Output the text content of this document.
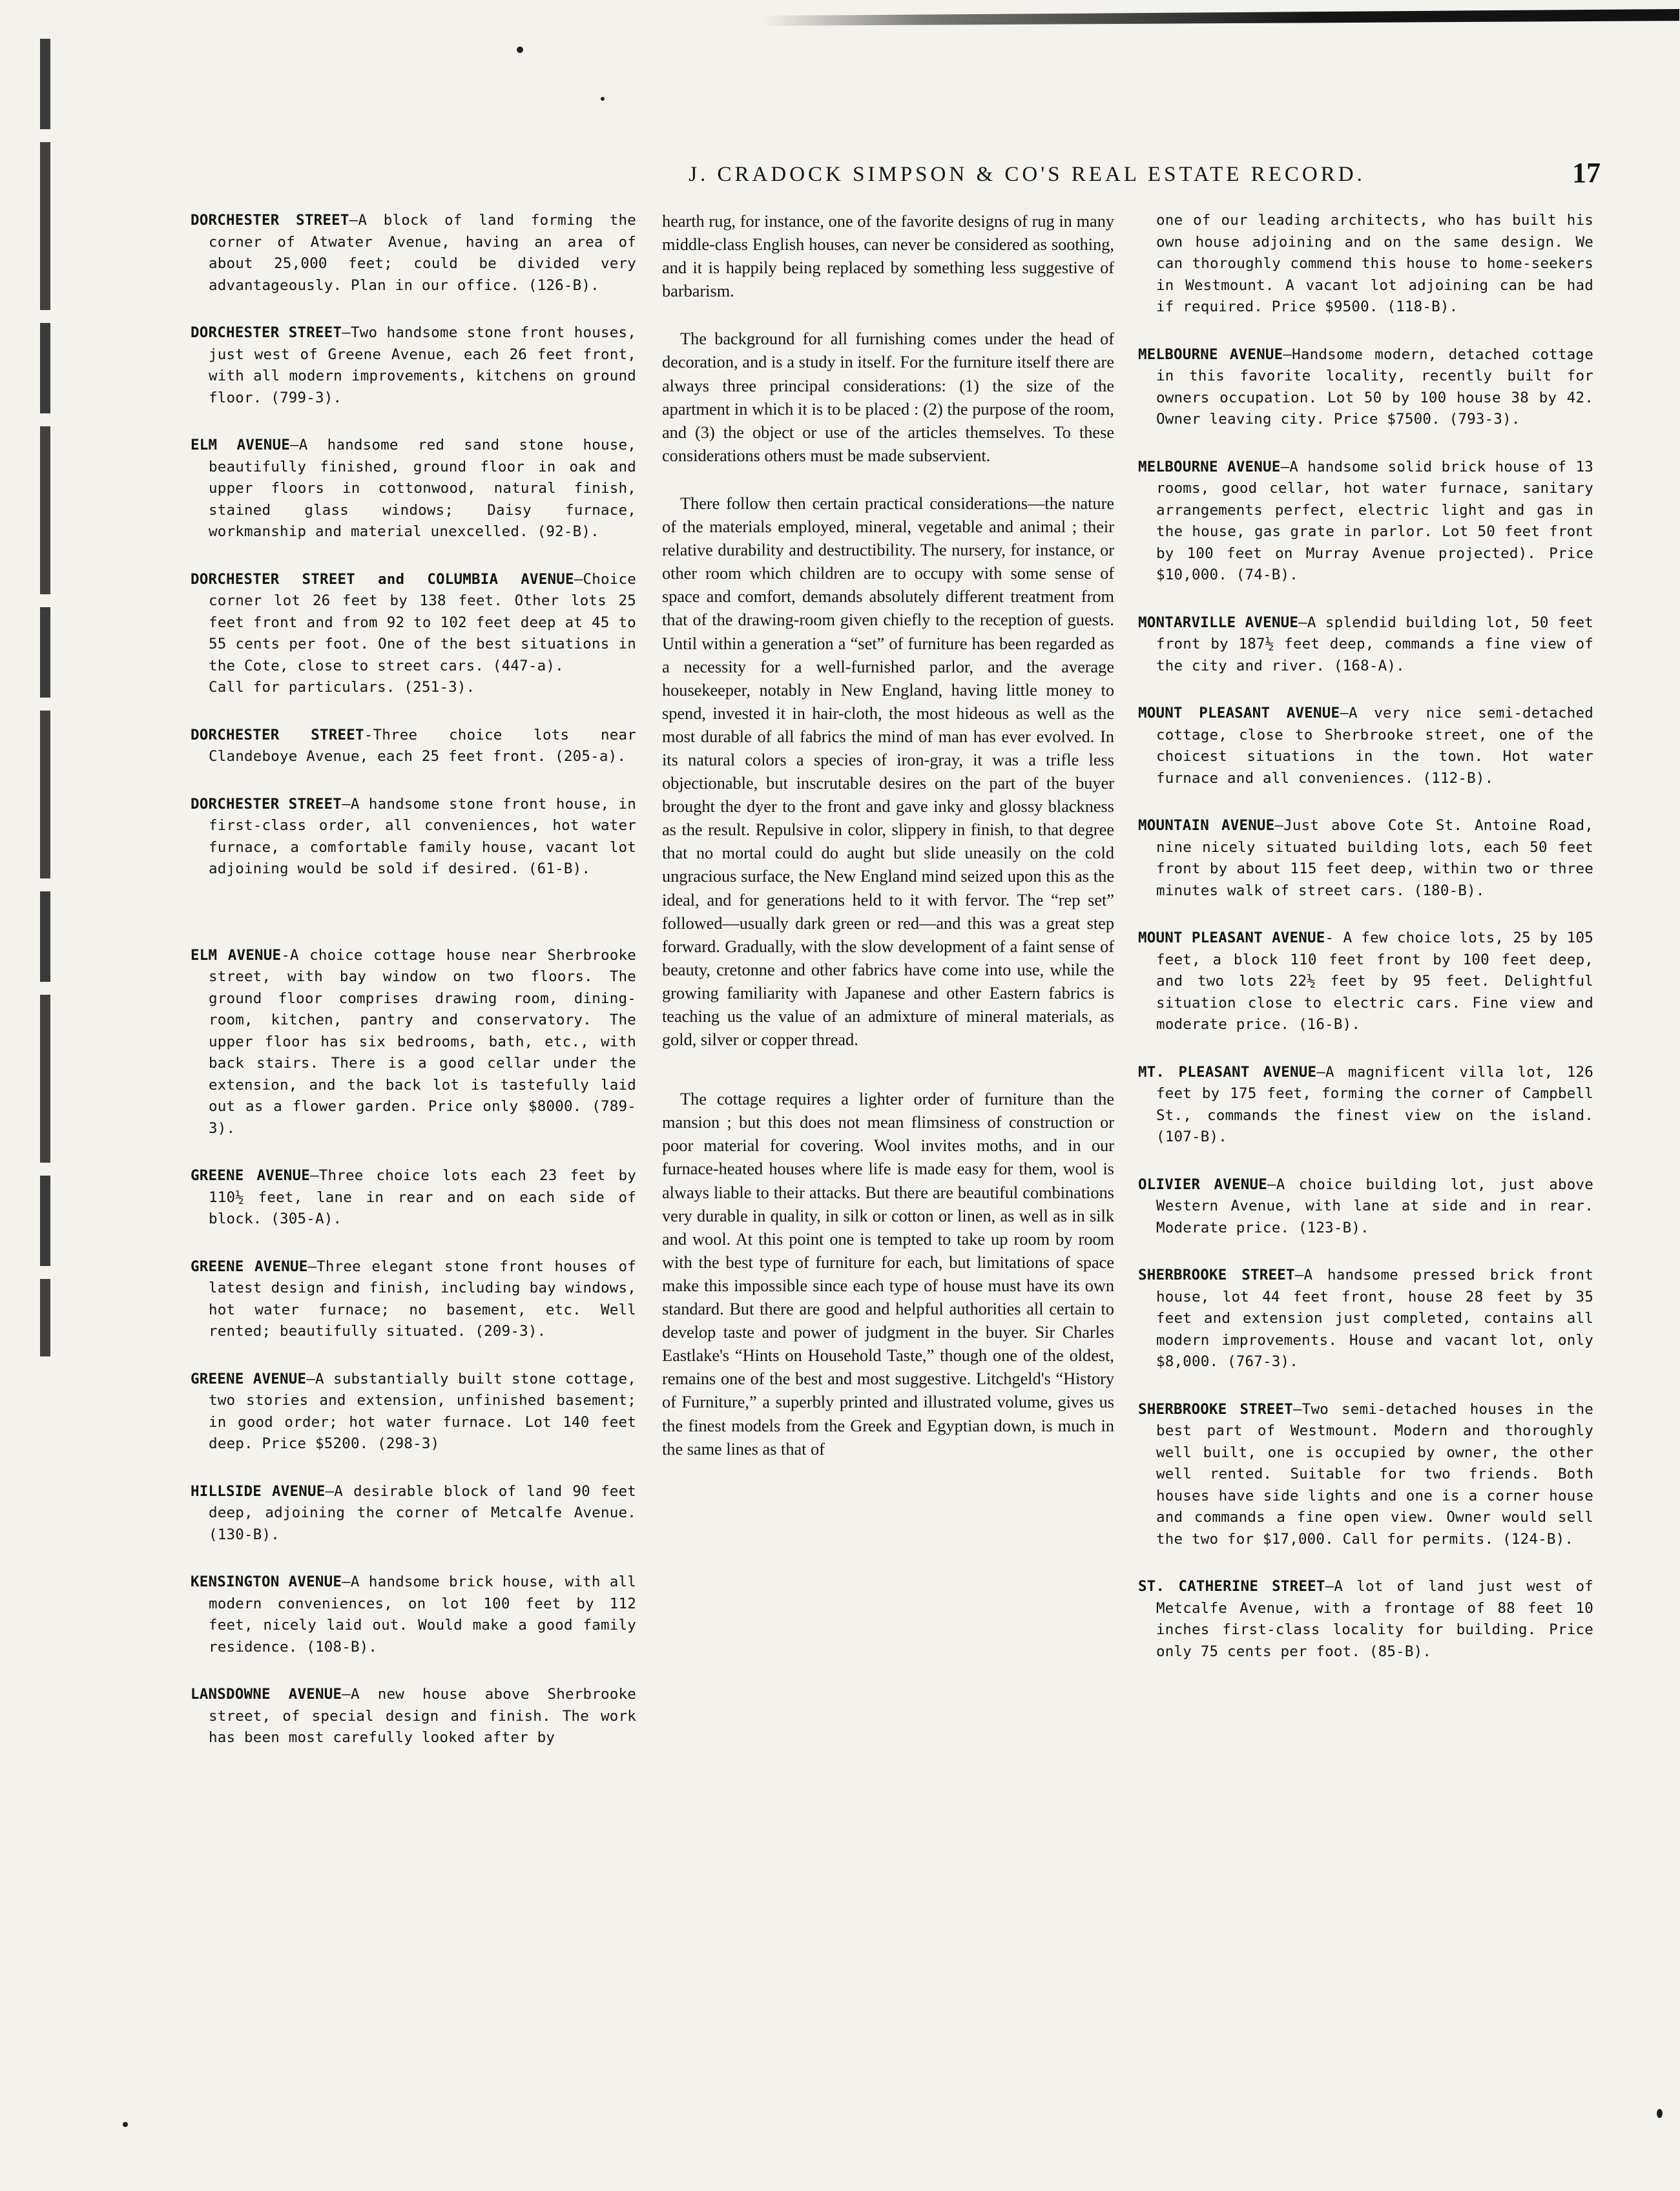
J. CRADOCK SIMPSON & CO'S REAL ESTATE RECORD.	17

DORCHESTER STREET—A block of land forming the corner of Atwater Avenue, having an area of about 25,000 feet; could be divided very advantageously. Plan in our office. (126-B).

DORCHESTER STREET—Two handsome stone front houses, just west of Greene Avenue, each 26 feet front, with all modern improvements, kitchens on ground floor. (799-3).

ELM AVENUE—A handsome red sand stone house, beautifully finished, ground floor in oak and upper floors in cottonwood, natural finish, stained glass windows; Daisy furnace, workmanship and material unexcelled. (92-B).

DORCHESTER STREET and COLUMBIA AVENUE—Choice corner lot 26 feet by 138 feet. Other lots 25 feet front and from 92 to 102 feet deep at 45 to 55 cents per foot. One of the best situations in the Cote, close to street cars. (447-a).
Call for particulars. (251-3).

DORCHESTER STREET-Three choice lots near Clandeboye Avenue, each 25 feet front. (205-a).

DORCHESTER STREET—A handsome stone front house, in first-class order, all conveniences, hot water furnace, a comfortable family house, vacant lot adjoining would be sold if desired. (61-B).

ELM AVENUE-A choice cottage house near Sherbrooke street, with bay window on two floors. The ground floor comprises drawing room, dining-room, kitchen, pantry and conservatory. The upper floor has six bedrooms, bath, etc., with back stairs. There is a good cellar under the extension, and the back lot is tastefully laid out as a flower garden. Price only $8000. (789-3).

GREENE AVENUE—Three choice lots each 23 feet by 110½ feet, lane in rear and on each side of block. (305-A).

GREENE AVENUE—Three elegant stone front houses of latest design and finish, including bay windows, hot water furnace; no basement, etc. Well rented; beautifully situated. (209-3).

GREENE AVENUE—A substantially built stone cottage, two stories and extension, unfinished basement; in good order; hot water furnace. Lot 140 feet deep. Price $5200. (298-3)

HILLSIDE AVENUE—A desirable block of land 90 feet deep, adjoining the corner of Metcalfe Avenue. (130-B).

KENSINGTON AVENUE—A handsome brick house, with all modern conveniences, on lot 100 feet by 112 feet, nicely laid out. Would make a good family residence. (108-B).

LANSDOWNE AVENUE—A new house above Sherbrooke street, of special design and finish. The work has been most carefully looked after by

hearth rug, for instance, one of the favorite designs of rug in many middle-class English houses, can never be considered as soothing, and it is happily being replaced by something less suggestive of barbarism.

The background for all furnishing comes under the head of decoration, and is a study in itself. For the furniture itself there are always three principal considerations: (1) the size of the apartment in which it is to be placed : (2) the purpose of the room, and (3) the object or use of the articles themselves. To these considerations others must be made subservient.

There follow then certain practical considerations—the nature of the materials employed, mineral, vegetable and animal ; their relative durability and destructibility. The nursery, for instance, or other room which children are to occupy with some sense of space and comfort, demands absolutely different treatment from that of the drawing-room given chiefly to the reception of guests. Until within a generation a “set” of furniture has been regarded as a necessity for a well-furnished parlor, and the average housekeeper, notably in New England, having little money to spend, invested it in hair-cloth, the most hideous as well as the most durable of all fabrics the mind of man has ever evolved. In its natural colors a species of iron-gray, it was a trifle less objectionable, but inscrutable desires on the part of the buyer brought the dyer to the front and gave inky and glossy blackness as the result. Repulsive in color, slippery in finish, to that degree that no mortal could do aught but slide uneasily on the cold ungracious surface, the New England mind seized upon this as the ideal, and for generations held to it with fervor. The “rep set” followed—usually dark green or red—and this was a great step forward. Gradually, with the slow development of a faint sense of beauty, cretonne and other fabrics have come into use, while the growing familiarity with Japanese and other Eastern fabrics is teaching us the value of an admixture of mineral materials, as gold, silver or copper thread.

The cottage requires a lighter order of furniture than the mansion ; but this does not mean flimsiness of construction or poor material for covering. Wool invites moths, and in our furnace-heated houses where life is made easy for them, wool is always liable to their attacks. But there are beautiful combinations very durable in quality, in silk or cotton or linen, as well as in silk and wool. At this point one is tempted to take up room by room with the best type of furniture for each, but limitations of space make this impossible since each type of house must have its own standard. But there are good and helpful authorities all certain to develop taste and power of judgment in the buyer. Sir Charles Eastlake's “Hints on Household Taste,” though one of the oldest, remains one of the best and most suggestive. Litchgeld's “History of Furniture,” a superbly printed and illustrated volume, gives us the finest models from the Greek and Egyptian down, is much in the same lines as that of

one of our leading architects, who has built his own house adjoining and on the same design. We can thoroughly commend this house to home-seekers in Westmount. A vacant lot adjoining can be had if required. Price $9500. (118-B).

MELBOURNE AVENUE—Handsome modern, detached cottage in this favorite locality, recently built for owners occupation. Lot 50 by 100 house 38 by 42. Owner leaving city. Price $7500. (793-3).

MELBOURNE AVENUE—A handsome solid brick house of 13 rooms, good cellar, hot water furnace, sanitary arrangements perfect, electric light and gas in the house, gas grate in parlor. Lot 50 feet front by 100 feet on Murray Avenue projected). Price $10,000. (74-B).

MONTARVILLE AVENUE—A splendid building lot, 50 feet front by 187½ feet deep, commands a fine view of the city and river. (168-A).

MOUNT PLEASANT AVENUE—A very nice semi-detached cottage, close to Sherbrooke street, one of the choicest situations in the town. Hot water furnace and all conveniences. (112-B).

MOUNTAIN AVENUE—Just above Cote St. Antoine Road, nine nicely situated building lots, each 50 feet front by about 115 feet deep, within two or three minutes walk of street cars. (180-B).

MOUNT PLEASANT AVENUE- A few choice lots, 25 by 105 feet, a block 110 feet front by 100 feet deep, and two lots 22½ feet by 95 feet. Delightful situation close to electric cars. Fine view and moderate price. (16-B).

MT. PLEASANT AVENUE—A magnificent villa lot, 126 feet by 175 feet, forming the corner of Campbell St., commands the finest view on the island. (107-B).

OLIVIER AVENUE—A choice building lot, just above Western Avenue, with lane at side and in rear. Moderate price. (123-B).

SHERBROOKE STREET—A handsome pressed brick front house, lot 44 feet front, house 28 feet by 35 feet and extension just completed, contains all modern improvements. House and vacant lot, only $8,000. (767-3).

SHERBROOKE STREET—Two semi-detached houses in the best part of Westmount. Modern and thoroughly well built, one is occupied by owner, the other well rented. Suitable for two friends. Both houses have side lights and one is a corner house and commands a fine open view. Owner would sell the two for $17,000. Call for permits. (124-B).

ST. CATHERINE STREET—A lot of land just west of Metcalfe Avenue, with a frontage of 88 feet 10 inches first-class locality for building. Price only 75 cents per foot. (85-B).
